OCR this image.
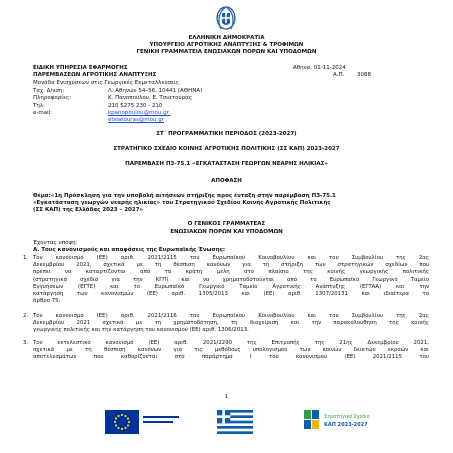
ΕΛΛΗΝΙΚΗ ΔΗΜΟΚΡΑΤΙΑ
ΥΠΟΥΡΓΕΙΟ ΑΓΡΟΤΙΚΗΣ ΑΝΑΠΤΥΞΗΣ & ΤΡΟΦΙΜΩΝ
ΓΕΝΙΚΗ ΓΡΑΜΜΑΤΕΙΑ ΕΝΩΣΙΑΚΩΝ ΠΟΡΩΝ ΚΑΙ ΥΠΟΔΟΜΩΝ
ΕΙΔΙΚΗ ΥΠΗΡΕΣΙΑ ΕΦΑΡΜΟΓΗΣ
ΠΑΡΕΜΒΑΣΕΩΝ ΑΓΡΟΤΙΚΗΣ ΑΝΑΠΤΥΞΗΣ
Μονάδα Ενισχύσεων στις Γεωργικές Εκμεταλλεύσεις
Ταχ. Δ/νση:	Λ. Αθηνών 54–56, 10441 (ΑΘΗΝΑ)
Πληροφορίες:	Κ. Πανοπούλου, Ε. Τσιατούρας
Τηλ:	210 5275 230 - 210
e-mail:	kpanopoulou@mou.gr,
etsiatouras@mou.gr
Αθηνα, 01-11-2024
Α.Π. 3088
ΣΤ΄ ΠΡΟΓΡΑΜΜΑΤΙΚΗ ΠΕΡΙΟΔΟΣ (2023-2027)
ΣΤΡΑΤΗΓΙΚΟ ΣΧΕΔΙΟ ΚΟΙΝΗΣ ΑΓΡΟΤΙΚΗΣ ΠΟΛΙΤΙΚΗΣ (ΣΣ ΚΑΠ) 2023-2027
ΠΑΡΕΜΒΑΣΗ Π3-75.1 «ΕΓΚΑΤΑΣΤΑΣΗ ΓΕΩΡΓΩΝ ΝΕΑΡΗΣ ΗΛΙΚΙΑΣ»
ΑΠΟΦΑΣΗ
Θέμα:«1η Πρόσκληση για την υποβολή αιτήσεων στήριξης προς ένταξη στην παρέμβαση Π3-75.1
«Εγκατάσταση γεωργών νεαρής ηλικίας» του Στρατηγικού Σχεδίου Κοινής Αγροτικής Πολιτικής
(ΣΣ ΚΑΠ) της Ελλάδας 2023 – 2027»
Ο ΓΕΝΙΚΟΣ ΓΡΑΜΜΑΤΕΑΣ
ΕΝΩΣΙΑΚΩΝ ΠΟΡΩΝ ΚΑΙ ΥΠΟΔΟΜΩΝ
Έχοντας υπόψη:
Α. Τους κανονισμούς και αποφάσεις της Ευρωπαϊκής Ένωσης:
1. Τον κανονισμό (ΕΕ) αριθ. 2021/2115 του Ευρωπαϊκού Κοινοβουλίου και του Συμβουλίου της 2ας
Δεκεμβρίου 2021, σχετικά με τη θέσπιση κανόνων για τη στήριξη των στρατηγικών σχεδίων που
πρέπει να καταρτίζονται από τα κράτη μέλη στο πλαίσιο της κοινής γεωργικής πολιτικής
(στρατηγικά σχέδια για την ΚΓΠ) και να χρηματοδοτούνται από το Ευρωπαϊκό Γεωργικό Ταμείο
Εγγυήσεων (ΕΓΤΕ) και το Ευρωπαϊκό Γεωργικό Ταμείο Αγροτικής Ανάπτυξης (ΕΓΤΑΑ) και την
κατάργηση των κανονισμών (ΕΕ) αριθ. 1305/2013 και (ΕΕ) αριθ. 1307/20131 και ιδιαίτερα το
άρθρο 75.
2. Τον κανονισμό (ΕΕ) αριθ. 2021/2116 του Ευρωπαϊκού Κοινοβουλίου και του Συμβουλίου της 2ας
Δεκεμβρίου 2021 σχετικά με τη χρηματοδότηση, τη διαχείριση και την παρακολούθηση της κοινής
γεωργικής πολιτικής και την κατάργηση του κανονισμού (ΕΕ) αριθ. 1306/2013.
3. Τον εκτελεστικό κανονισμό (ΕΕ) αριθ. 2021/2290 της Επιτροπής της 21ης Δεκεμβρίου 2021,
σχετικά με τη θέσπιση κανόνων για τις μεθόδους υπολογισμού των κοινών δεικτών εκροών και
αποτελεσμάτων που καθορίζονται στο παράρτημα I του κανονισμού (ΕΕ) 2021/2115 του
1
Στρατηγικό Σχέδιο
ΚΑΠ 2023-2027
